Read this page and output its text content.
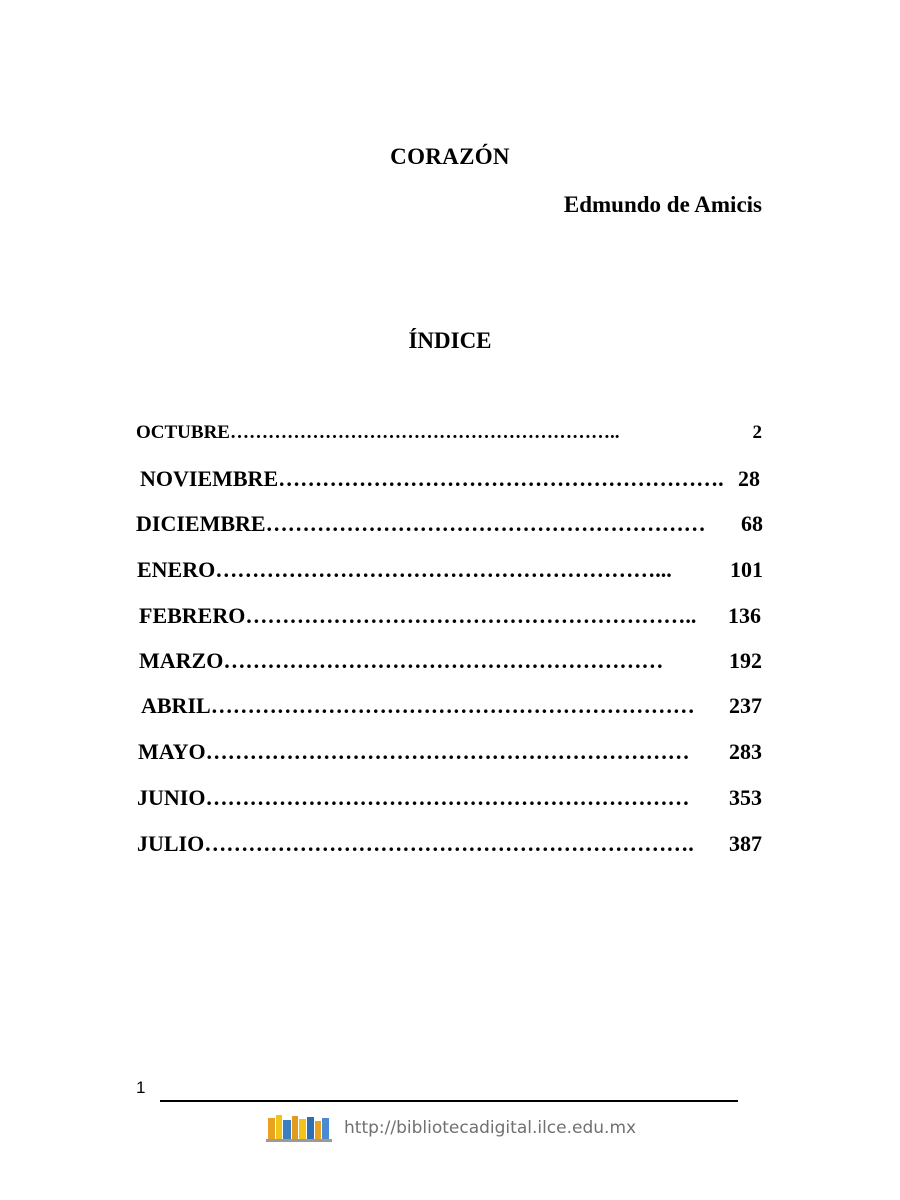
CORAZÓN
Edmundo de Amicis
ÍNDICE
OCTUBRE ……………………………………………………..	2
NOVIEMBRE ……………………………………………………. 28
DICIEMBRE ……………………………………………………	68
ENERO ……………………………………………………...	101
FEBRERO ……………………………………………………..	136
MARZO ……………………………………………………	192
ABRIL …………………………………………………………	237
MAYO …………………………………………………………	283
JUNIO …………………………………………………………	353
JULIO ………………………………………………………….	387
1
http://bibliotecadigital.ilce.edu.mx
